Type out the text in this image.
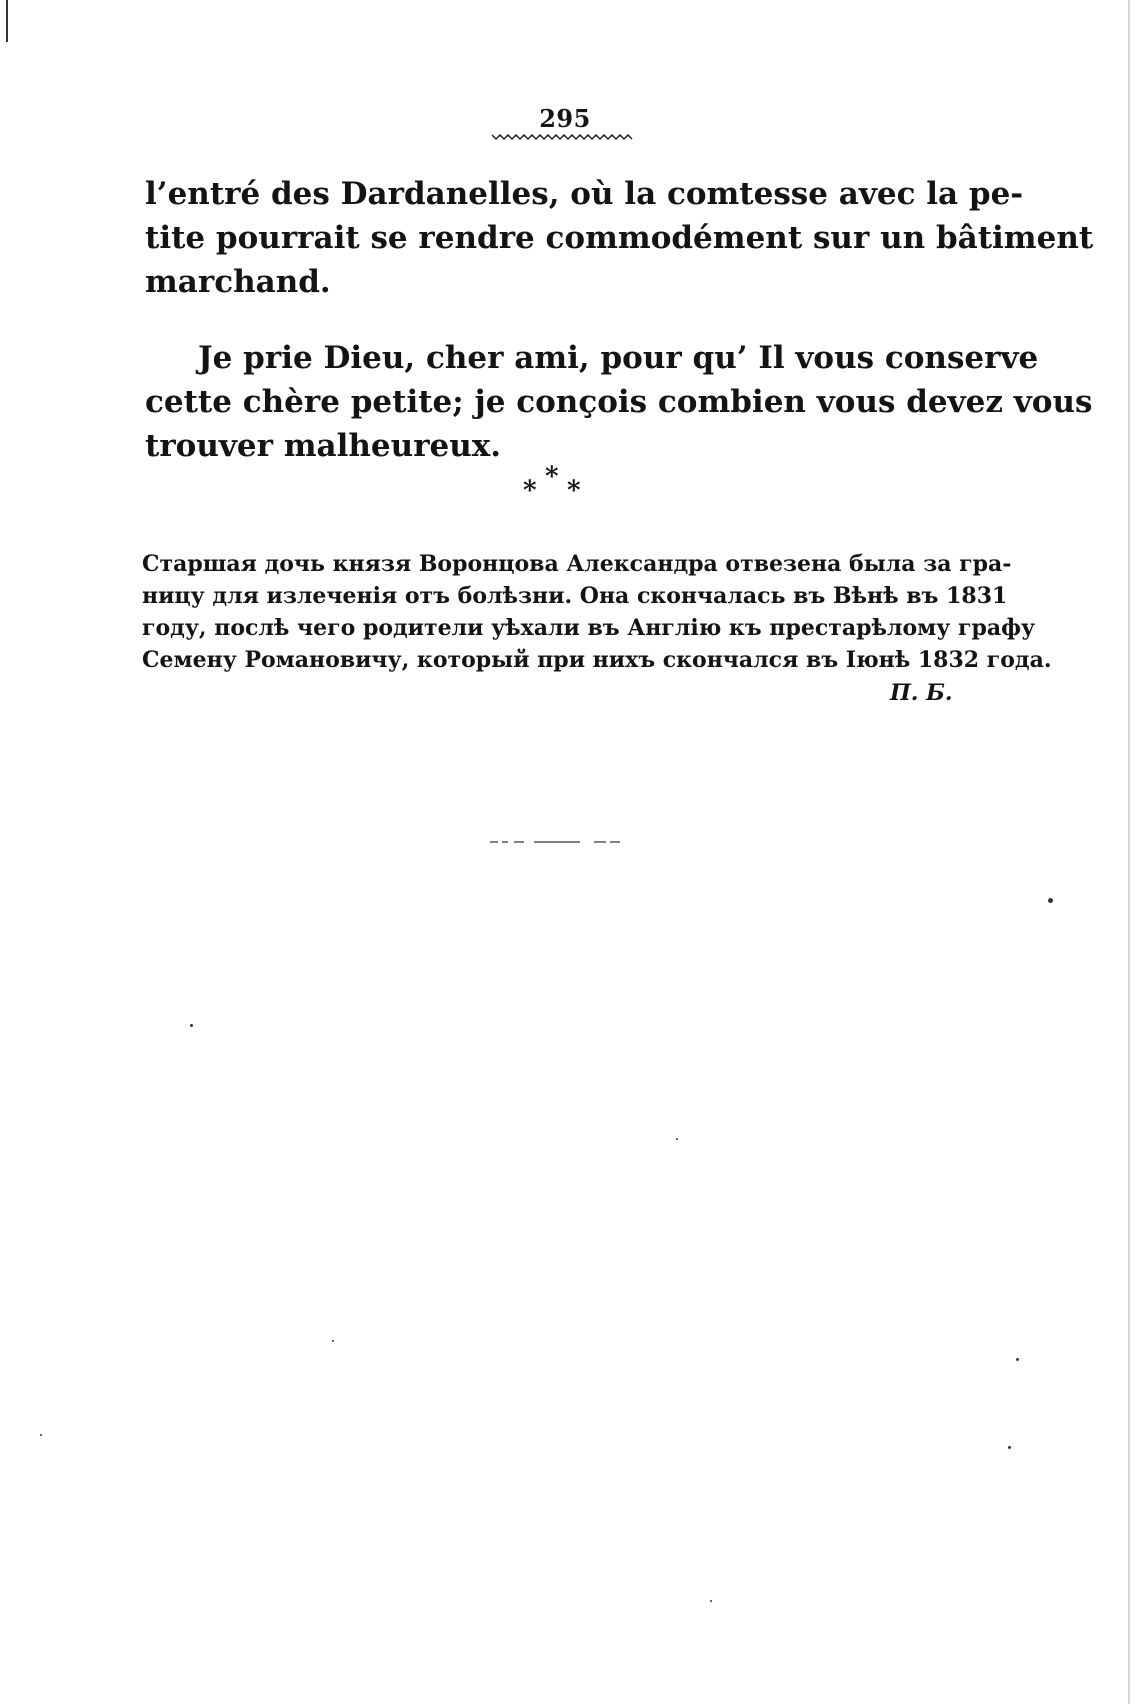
295
l’entré des Dardanelles, où la comtesse avec la pe-
tite pourrait se rendre commodément sur un bâtiment
marchand.
Je prie Dieu, cher ami, pour qu’ Il vous conserve
cette chère petite; je conçois combien vous devez vous
trouver malheureux.
*
* *
Старшая дочь князя Воронцова Александра отвезена была за гра-
ницу для излеченія отъ болѣзни. Она скончалась въ Вѣнѣ въ 1831
году, послѣ чего родители уѣхали въ Англію къ престарѣлому графу
Семену Романовичу, который при нихъ скончался въ Іюнѣ 1832 года.
П. Б.
